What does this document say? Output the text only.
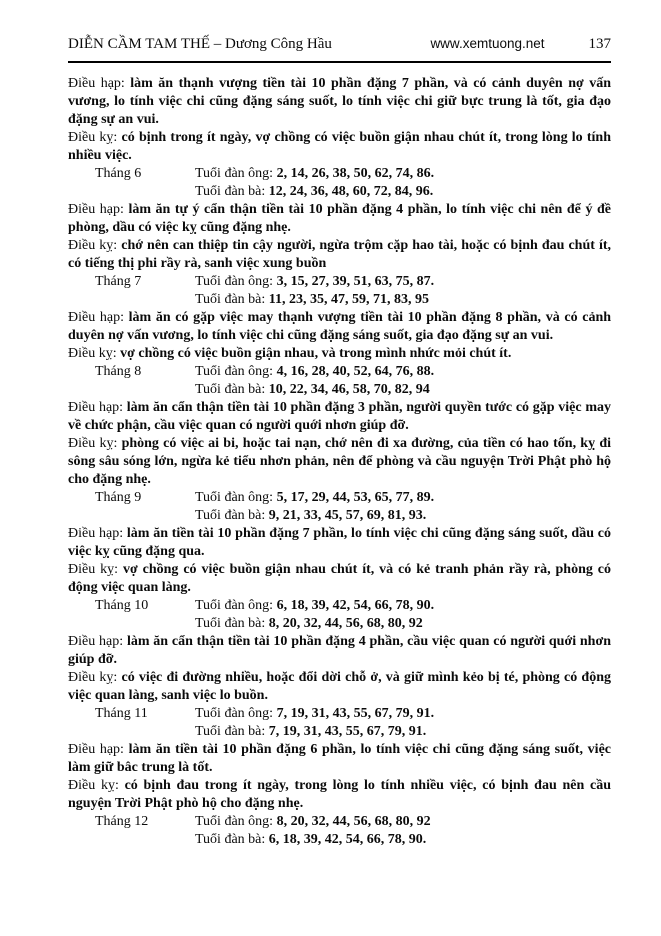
DIỄN CẦM TAM THẾ – Dương Công Hầu	www.xemtuong.net	137

Điều hạp: làm ăn thạnh vượng tiền tài 10 phần đặng 7 phần, và có cảnh duyên nợ vấn vương, lo tính việc chi cũng đặng sáng suốt, lo tính việc chi giữ bực trung là tốt, gia đạo đặng sự an vui.

Điều kỵ: có bịnh trong ít ngày, vợ chồng có việc buồn giận nhau chút ít, trong lòng lo tính nhiều việc.

Tháng 6	Tuổi đàn ông: 2, 14, 26, 38, 50, 62, 74, 86.
Tuổi đàn bà: 12, 24, 36, 48, 60, 72, 84, 96.

Điều hạp: làm ăn tự ý cẩn thận tiền tài 10 phần đặng 4 phần, lo tính việc chi nên để ý đề phòng, dầu có việc kỵ cũng đặng nhẹ.

Điều kỵ: chớ nên can thiệp tin cậy người, ngừa trộm cặp hao tài, hoặc có bịnh đau chút ít, có tiếng thị phi rầy rà, sanh việc xung buồn

Tháng 7	Tuổi đàn ông: 3, 15, 27, 39, 51, 63, 75, 87.
Tuổi đàn bà: 11, 23, 35, 47, 59, 71, 83, 95

Điều hạp: làm ăn có gặp việc may thạnh vượng tiền tài 10 phần đặng 8 phần, và có cảnh duyên nợ vấn vương, lo tính việc chi cũng đặng sáng suốt, gia đạo đặng sự an vui.

Điều kỵ: vợ chồng có việc buồn giận nhau, và trong mình nhức mỏi chút ít.

Tháng 8	Tuổi đàn ông: 4, 16, 28, 40, 52, 64, 76, 88.
Tuổi đàn bà: 10, 22, 34, 46, 58, 70, 82, 94

Điều hạp: làm ăn cẩn thận tiền tài 10 phần đặng 3 phần, người quyền tước có gặp việc may về chức phận, cầu việc quan có người quới nhơn giúp đỡ.

Điều kỵ: phòng có việc ai bi, hoặc tai nạn, chớ nên đi xa đường, của tiền có hao tốn, kỵ đi sông sâu sóng lớn, ngừa kẻ tiểu nhơn phản, nên để phòng và cầu nguyện Trời Phật phò hộ cho đặng nhẹ.

Tháng 9	Tuổi đàn ông: 5, 17, 29, 44, 53, 65, 77, 89.
Tuổi đàn bà: 9, 21, 33, 45, 57, 69, 81, 93.

Điều hạp: làm ăn tiền tài 10 phần đặng 7 phần, lo tính việc chi cũng đặng sáng suốt, dầu có việc kỵ cũng đặng qua.

Điều kỵ: vợ chồng có việc buồn giận nhau chút ít, và có kẻ tranh phản rầy rà, phòng có động việc quan làng.

Tháng 10	Tuổi đàn ông: 6, 18, 39, 42, 54, 66, 78, 90.
Tuổi đàn bà: 8, 20, 32, 44, 56, 68, 80, 92

Điều hạp: làm ăn cẩn thận tiền tài 10 phần đặng 4 phần, cầu việc quan có người quới nhơn giúp đỡ.

Điều kỵ: có việc đi đường nhiều, hoặc đổi dời chỗ ở, và giữ mình kẻo bị té, phòng có động việc quan làng, sanh việc lo buồn.

Tháng 11	Tuổi đàn ông: 7, 19, 31, 43, 55, 67, 79, 91.
Tuổi đàn bà: 7, 19, 31, 43, 55, 67, 79, 91.

Điều hạp: làm ăn tiền tài 10 phần đặng 6 phần, lo tính việc chi cũng đặng sáng suốt, việc làm giữ bâc trung là tốt.

Điều kỵ: có bịnh đau trong ít ngày, trong lòng lo tính nhiều việc, có bịnh đau nên cầu nguyện Trời Phật phò hộ cho đặng nhẹ.

Tháng 12	Tuổi đàn ông: 8, 20, 32, 44, 56, 68, 80, 92
Tuổi đàn bà: 6, 18, 39, 42, 54, 66, 78, 90.
